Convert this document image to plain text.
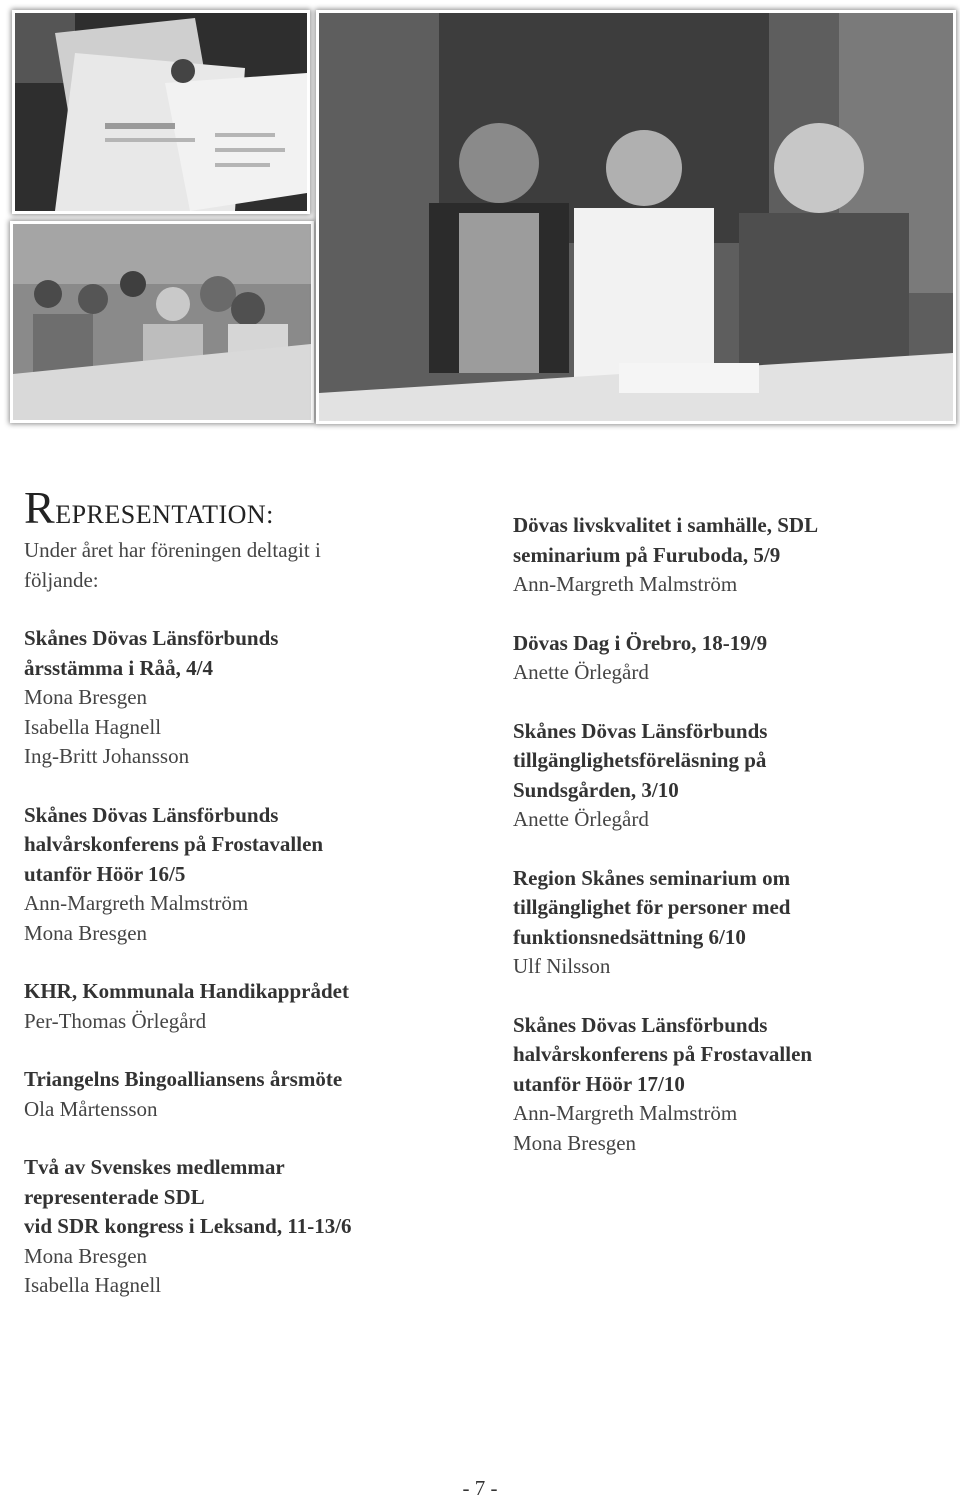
REPRESENTATION:
Under året har föreningen deltagit i
följande:
Skånes Dövas Länsförbunds
årsstämma i Råå, 4/4
Mona Bresgen
Isabella Hagnell
Ing-Britt Johansson
Skånes Dövas Länsförbunds
halvårskonferens på Frostavallen
utanför Höör 16/5
Ann-Margreth Malmström
Mona Bresgen
KHR, Kommunala Handikapprådet
Per-Thomas Örlegård
Triangelns Bingoalliansens årsmöte
Ola Mårtensson
Två av Svenskes medlemmar
representerade SDL
vid SDR kongress i Leksand, 11-13/6
Mona Bresgen
Isabella Hagnell
Dövas livskvalitet i samhälle, SDL
seminarium på Furuboda, 5/9
Ann-Margreth Malmström
Dövas Dag i Örebro, 18-19/9
Anette Örlegård
Skånes Dövas Länsförbunds
tillgänglighetsföreläsning på
Sundsgården, 3/10
Anette Örlegård
Region Skånes seminarium om
tillgänglighet för personer med
funktionsnedsättning 6/10
Ulf Nilsson
Skånes Dövas Länsförbunds
halvårskonferens på Frostavallen
utanför Höör 17/10
Ann-Margreth Malmström
Mona Bresgen
- 7 -
